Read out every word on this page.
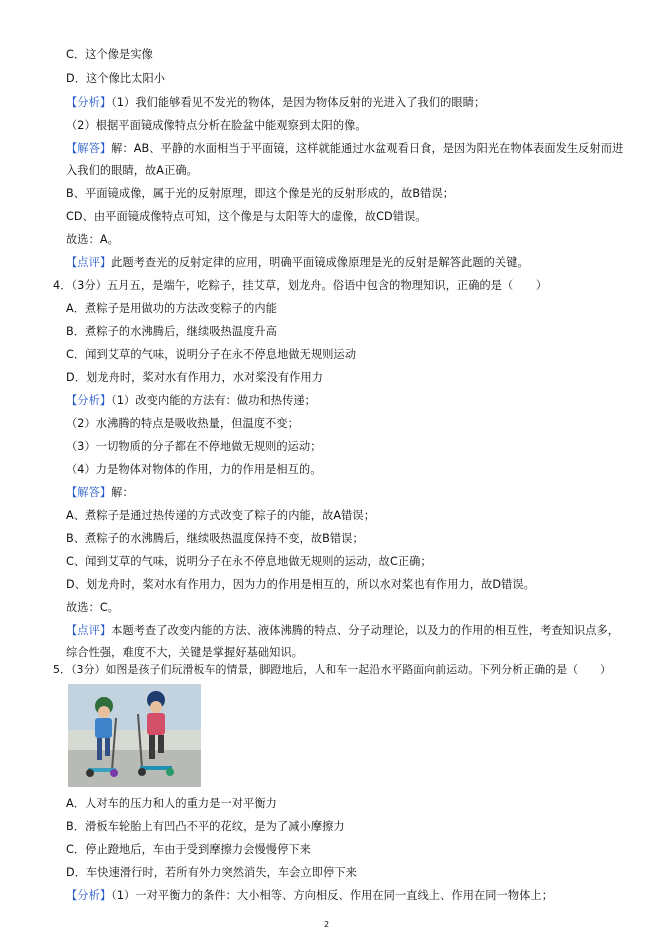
C．这个像是实像
D．这个像比太阳小
【分析】（1）我们能够看见不发光的物体，是因为物体反射的光进入了我们的眼睛；
（2）根据平面镜成像特点分析在脸盆中能观察到太阳的像。
【解答】解：AB、平静的水面相当于平面镜，这样就能通过水盆观看日食，是因为阳光在物体表面发生反射而进
入我们的眼睛，故A正确。
B、平面镜成像，属于光的反射原理，即这个像是光的反射形成的，故B错误；
CD、由平面镜成像特点可知，这个像是与太阳等大的虚像，故CD错误。
故选：A。
【点评】此题考查光的反射定律的应用，明确平面镜成像原理是光的反射是解答此题的关键。
4．（3分）五月五，是端午，吃粽子，挂艾草，划龙舟。俗语中包含的物理知识，正确的是（　　）
A．煮粽子是用做功的方法改变粽子的内能
B．煮粽子的水沸腾后，继续吸热温度升高
C．闻到艾草的气味，说明分子在永不停息地做无规则运动
D．划龙舟时，桨对水有作用力，水对桨没有作用力
【分析】（1）改变内能的方法有：做功和热传递；
（2）水沸腾的特点是吸收热量，但温度不变；
（3）一切物质的分子都在不停地做无规则的运动；
（4）力是物体对物体的作用，力的作用是相互的。
【解答】解：
A、煮粽子是通过热传递的方式改变了粽子的内能，故A错误；
B、煮粽子的水沸腾后，继续吸热温度保持不变，故B错误；
C、闻到艾草的气味，说明分子在永不停息地做无规则的运动，故C正确；
D、划龙舟时，桨对水有作用力，因为力的作用是相互的，所以水对桨也有作用力，故D错误。
故选：C。
【点评】本题考查了改变内能的方法、液体沸腾的特点、分子动理论，以及力的作用的相互性，考查知识点多，
综合性强，难度不大，关键是掌握好基础知识。
5．（3分）如图是孩子们玩滑板车的情景，脚蹬地后，人和车一起沿水平路面向前运动。下列分析正确的是（　　）
A．人对车的压力和人的重力是一对平衡力
B．滑板车轮胎上有凹凸不平的花纹，是为了减小摩擦力
C．停止蹬地后，车由于受到摩擦力会慢慢停下来
D．车快速滑行时，若所有外力突然消失，车会立即停下来
【分析】（1）一对平衡力的条件：大小相等、方向相反、作用在同一直线上、作用在同一物体上；
2
